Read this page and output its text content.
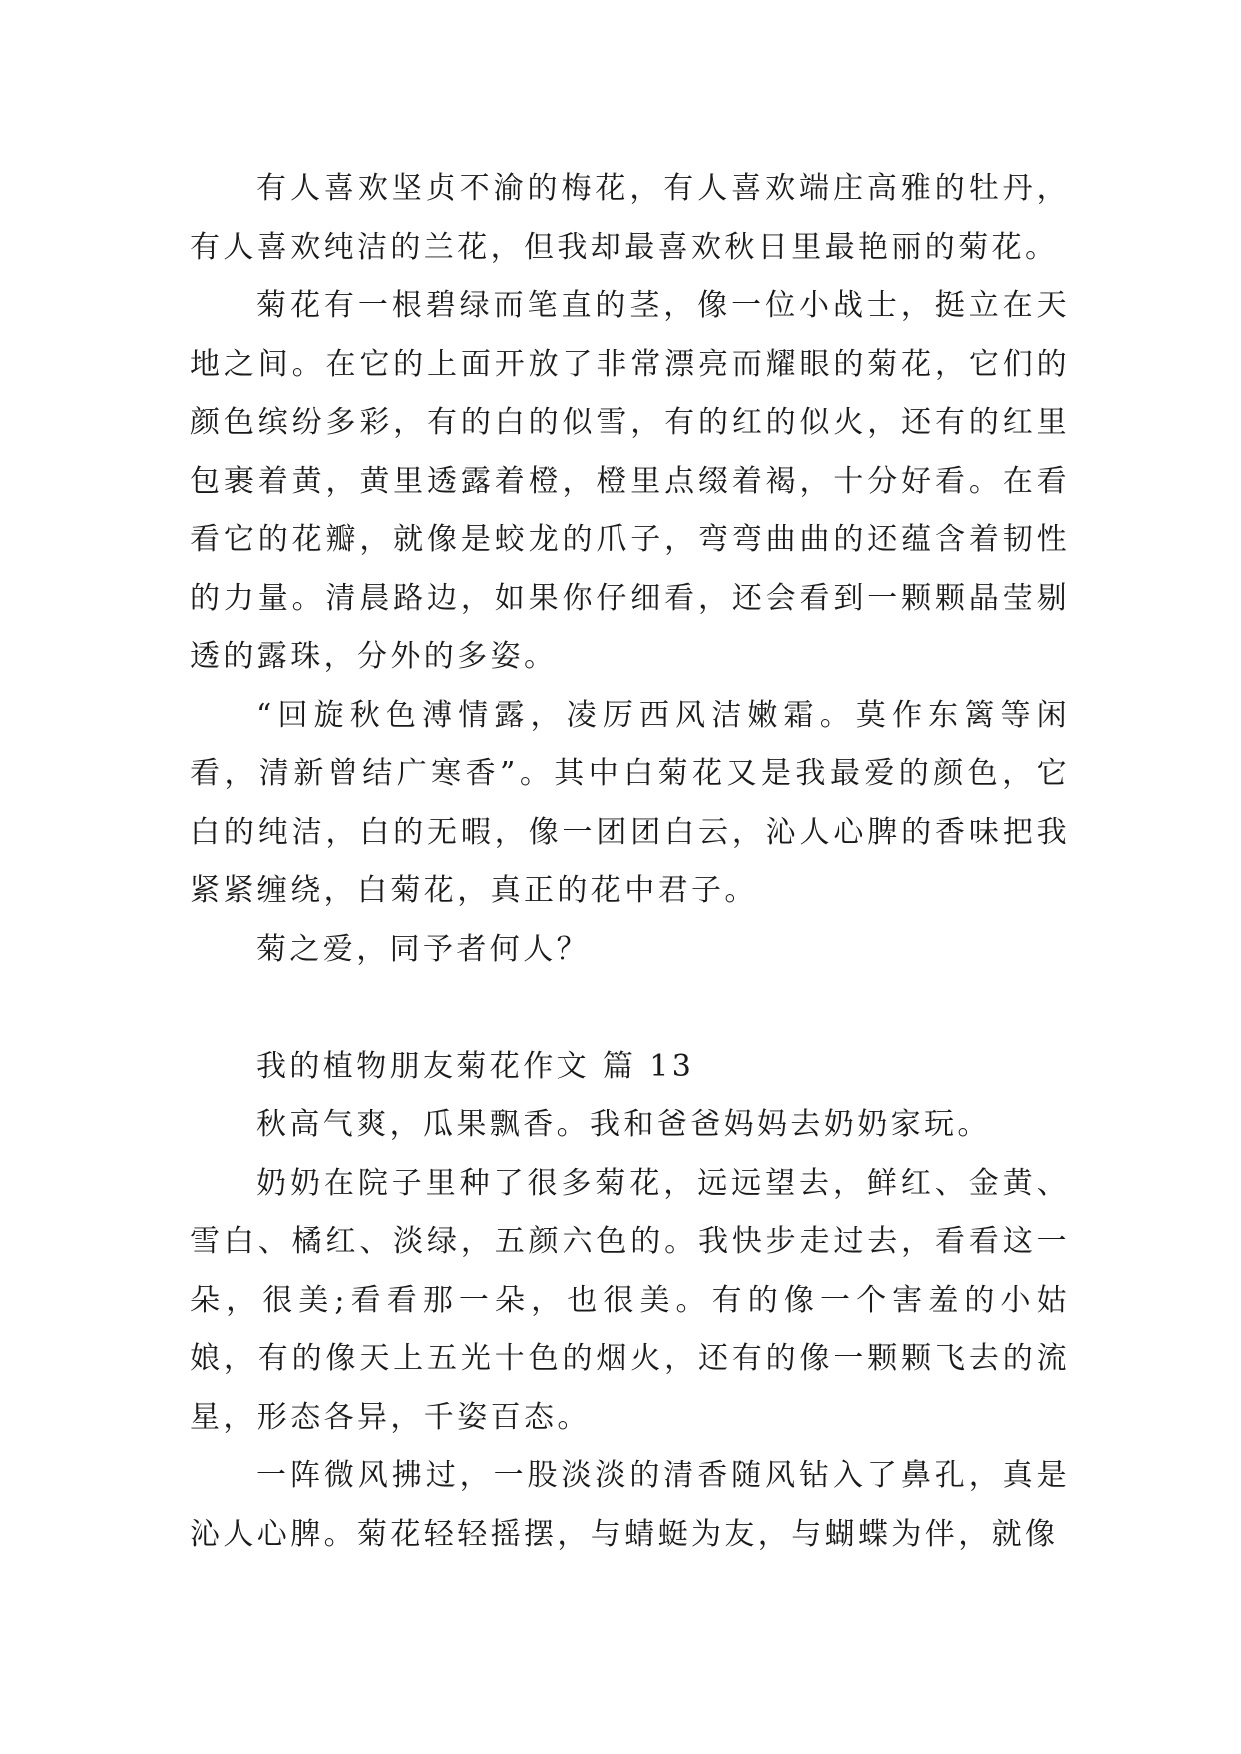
有人喜欢坚贞不渝的梅花，有人喜欢端庄高雅的牡丹，有人喜欢纯洁的兰花，但我却最喜欢秋日里最艳丽的菊花。

菊花有一根碧绿而笔直的茎，像一位小战士，挺立在天地之间。在它的上面开放了非常漂亮而耀眼的菊花，它们的颜色缤纷多彩，有的白的似雪，有的红的似火，还有的红里包裹着黄，黄里透露着橙，橙里点缀着褐，十分好看。在看看它的花瓣，就像是蛟龙的爪子，弯弯曲曲的还蕴含着韧性的力量。清晨路边，如果你仔细看，还会看到一颗颗晶莹剔透的露珠，分外的多姿。

“回旋秋色溥情露，凌厉西风洁嫩霜。莫作东篱等闲看，清新曾结广寒香”。其中白菊花又是我最爱的颜色，它白的纯洁，白的无暇，像一团团白云，沁人心脾的香味把我紧紧缠绕，白菊花，真正的花中君子。

菊之爱，同予者何人？

我的植物朋友菊花作文 篇 13

秋高气爽，瓜果飘香。我和爸爸妈妈去奶奶家玩。

奶奶在院子里种了很多菊花，远远望去，鲜红、金黄、雪白、橘红、淡绿，五颜六色的。我快步走过去，看看这一朵，很美;看看那一朵，也很美。有的像一个害羞的小姑娘，有的像天上五光十色的烟火，还有的像一颗颗飞去的流星，形态各异，千姿百态。

一阵微风拂过，一股淡淡的清香随风钻入了鼻孔，真是沁人心脾。菊花轻轻摇摆，与蜻蜓为友，与蝴蝶为伴，就像
